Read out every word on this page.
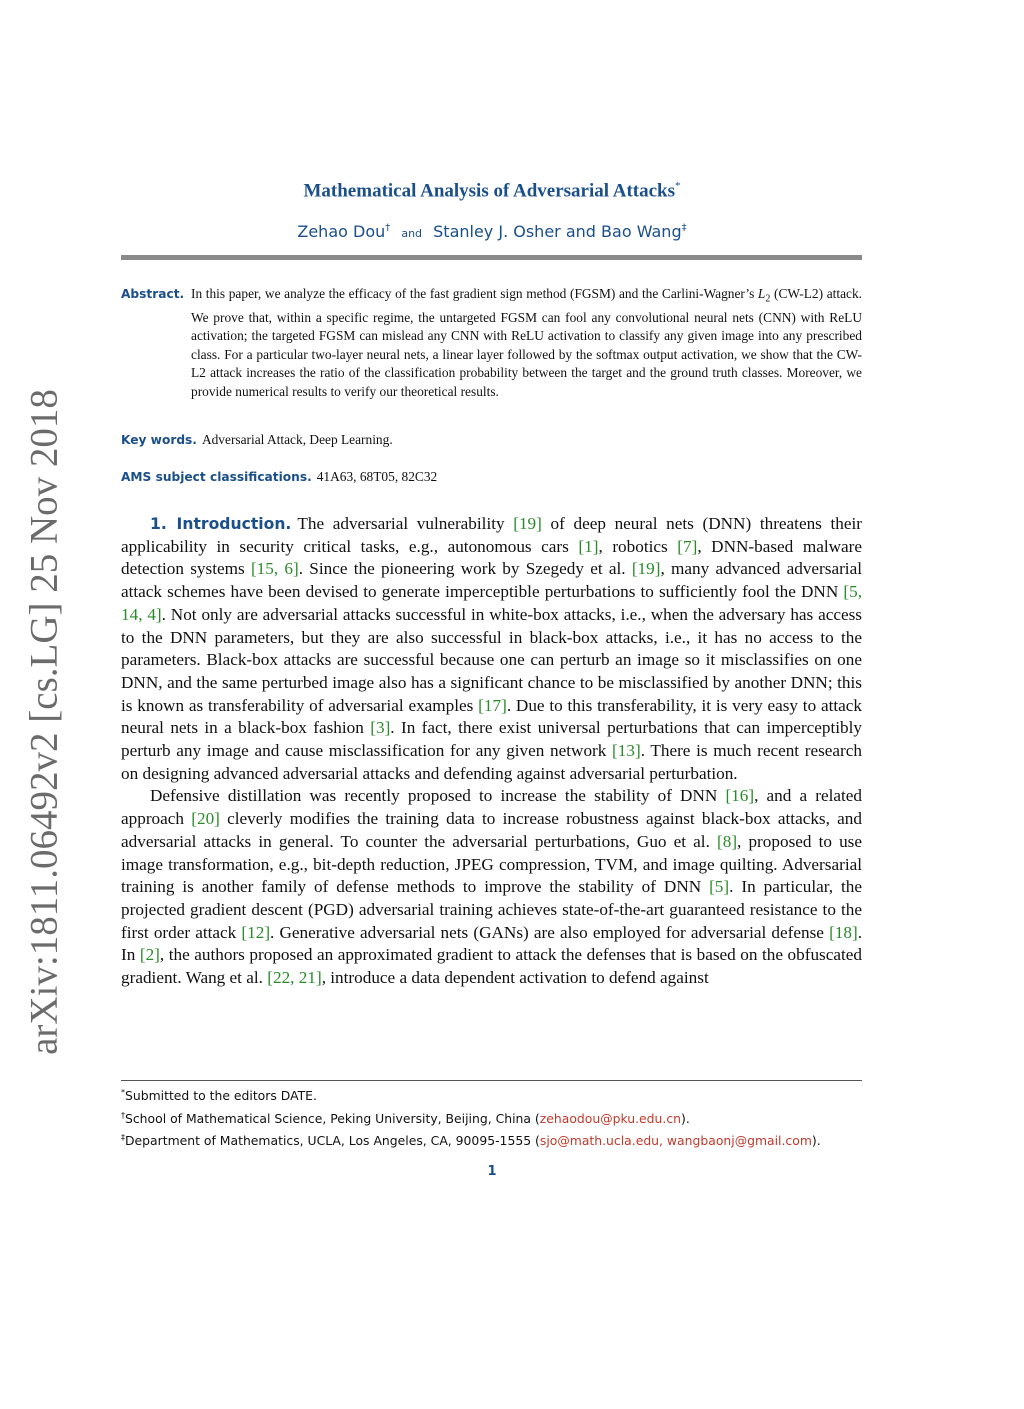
arXiv:1811.06492v2 [cs.LG] 25 Nov 2018
Mathematical Analysis of Adversarial Attacks*
Zehao Dou† and Stanley J. Osher and Bao Wang‡
Abstract. In this paper, we analyze the efficacy of the fast gradient sign method (FGSM) and the Carlini-Wagner’s $L_2$ (CW-L2) attack. We prove that, within a specific regime, the untargeted FGSM can fool any convolutional neural nets (CNN) with ReLU activation; the targeted FGSM can mislead any CNN with ReLU activation to classify any given image into any prescribed class. For a particular two-layer neural nets, a linear layer followed by the softmax output activation, we show that the CW-L2 attack increases the ratio of the classification probability between the target and the ground truth classes. Moreover, we provide numerical results to verify our theoretical results.
Key words. Adversarial Attack, Deep Learning.
AMS subject classifications. 41A63, 68T05, 82C32

1. Introduction. The adversarial vulnerability [19] of deep neural nets (DNN) threatens their applicability in security critical tasks, e.g., autonomous cars [1], robotics [7], DNN-based malware detection systems [15, 6]. Since the pioneering work by Szegedy et al. [19], many advanced adversarial attack schemes have been devised to generate imperceptible perturbations to sufficiently fool the DNN [5, 14, 4]. Not only are adversarial attacks successful in white-box attacks, i.e., when the adversary has access to the DNN parameters, but they are also successful in black-box attacks, i.e., it has no access to the parameters. Black-box attacks are successful because one can perturb an image so it misclassifies on one DNN, and the same perturbed image also has a significant chance to be misclassified by another DNN; this is known as transferability of adversarial examples [17]. Due to this transferability, it is very easy to attack neural nets in a black-box fashion [3]. In fact, there exist universal perturbations that can imperceptibly perturb any image and cause misclassification for any given network [13]. There is much recent research on designing advanced adversarial attacks and defending against adversarial perturbation.

Defensive distillation was recently proposed to increase the stability of DNN [16], and a related approach [20] cleverly modifies the training data to increase robustness against black-box attacks, and adversarial attacks in general. To counter the adversarial perturbations, Guo et al. [8], proposed to use image transformation, e.g., bit-depth reduction, JPEG compression, TVM, and image quilting. Adversarial training is another family of defense methods to improve the stability of DNN [5]. In particular, the projected gradient descent (PGD) adversarial training achieves state-of-the-art guaranteed resistance to the first order attack [12]. Generative adversarial nets (GANs) are also employed for adversarial defense [18]. In [2], the authors proposed an approximated gradient to attack the defenses that is based on the obfuscated gradient. Wang et al. [22, 21], introduce a data dependent activation to defend against

*Submitted to the editors DATE.
†School of Mathematical Science, Peking University, Beijing, China (zehaodou@pku.edu.cn).
‡Department of Mathematics, UCLA, Los Angeles, CA, 90095-1555 (sjo@math.ucla.edu, wangbaonj@gmail.com).
1
